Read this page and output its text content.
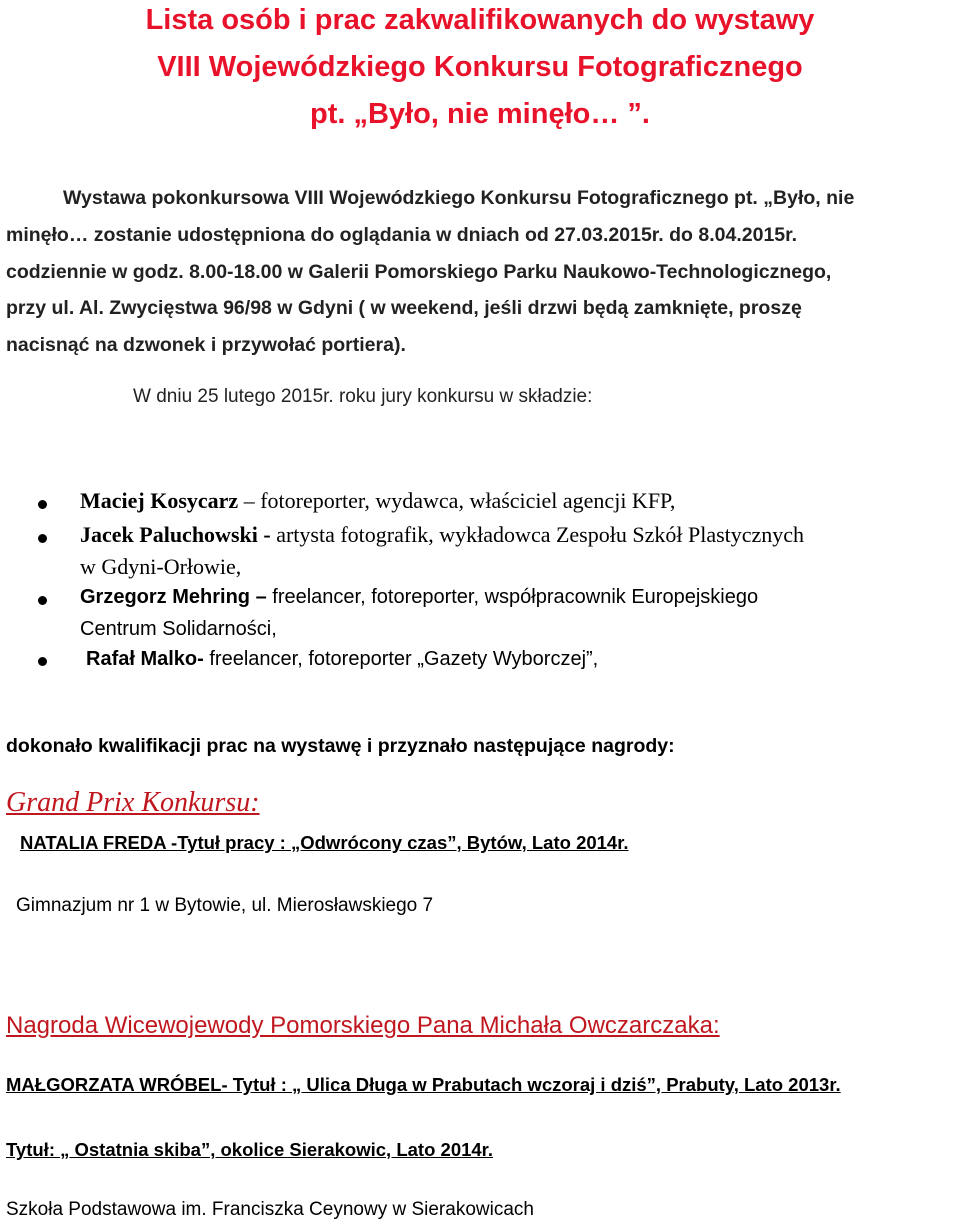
Lista osób i prac zakwalifikowanych do wystawy
VIII Wojewódzkiego Konkursu Fotograficznego
pt. „Było, nie minęło… ”.
Wystawa pokonkursowa VIII Wojewódzkiego Konkursu Fotograficznego pt. „Było, nie
minęło… zostanie udostępniona do oglądania w dniach od 27.03.2015r. do 8.04.2015r.
codziennie w godz. 8.00-18.00 w Galerii Pomorskiego Parku Naukowo-Technologicznego,
przy ul. Al. Zwycięstwa 96/98 w Gdyni ( w weekend, jeśli drzwi będą zamknięte, proszę
nacisnąć na dzwonek i przywołać portiera).
W dniu 25 lutego 2015r. roku jury konkursu w składzie:
Maciej Kosycarz – fotoreporter, wydawca, właściciel agencji KFP,
Jacek Paluchowski - artysta fotografik, wykładowca Zespołu Szkół Plastycznych
w Gdyni-Orłowie,
Grzegorz Mehring – freelancer, fotoreporter, współpracownik Europejskiego
Centrum Solidarności,
Rafał Malko- freelancer, fotoreporter „Gazety Wyborczej”,
dokonało kwalifikacji prac na wystawę i przyznało następujące nagrody:
Grand Prix Konkursu:
NATALIA FREDA -Tytuł pracy : „Odwrócony czas”, Bytów, Lato 2014r.
Gimnazjum nr 1 w Bytowie, ul. Mierosławskiego 7
Nagroda Wicewojewody Pomorskiego Pana Michała Owczarczaka:
MAŁGORZATA WRÓBEL- Tytuł : „ Ulica Długa w Prabutach wczoraj i dziś”, Prabuty, Lato 2013r.
Tytuł: „ Ostatnia skiba”, okolice Sierakowic, Lato 2014r.
Szkoła Podstawowa im. Franciszka Ceynowy w Sierakowicach
